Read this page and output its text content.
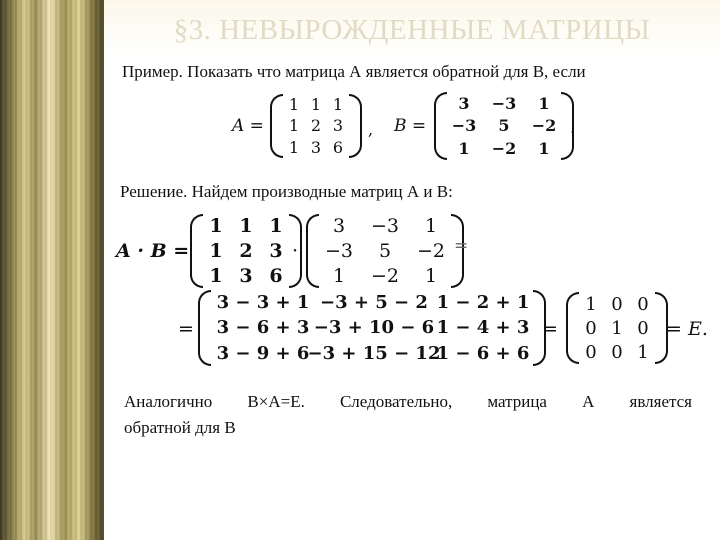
§3. НЕВЫРОЖДЕННЫЕ МАТРИЦЫ
Пример. Показать что матрица А является обратной для В, если
A =
1 1 1
1 2 3
1 3 6
, B =
3 −3 1
−3 5 −2
1 −2 1
.
Решение. Найдем производные матриц А и В:
A · B =
1 1 1
1 2 3
1 3 6
·
3 −3 1
−3 5 −2
1 −2 1
=
=
3 − 3 + 1 −3 + 5 − 2 1 − 2 + 1
3 − 6 + 3 −3 + 10 − 6 1 − 4 + 3
3 − 9 + 6
−3 + 15 − 12
1 − 6 + 6
=
1 0 0
0 1 0
0 0 1
= E.
Аналогично В×А=Е. Следовательно, матрица А является
обратной для В
